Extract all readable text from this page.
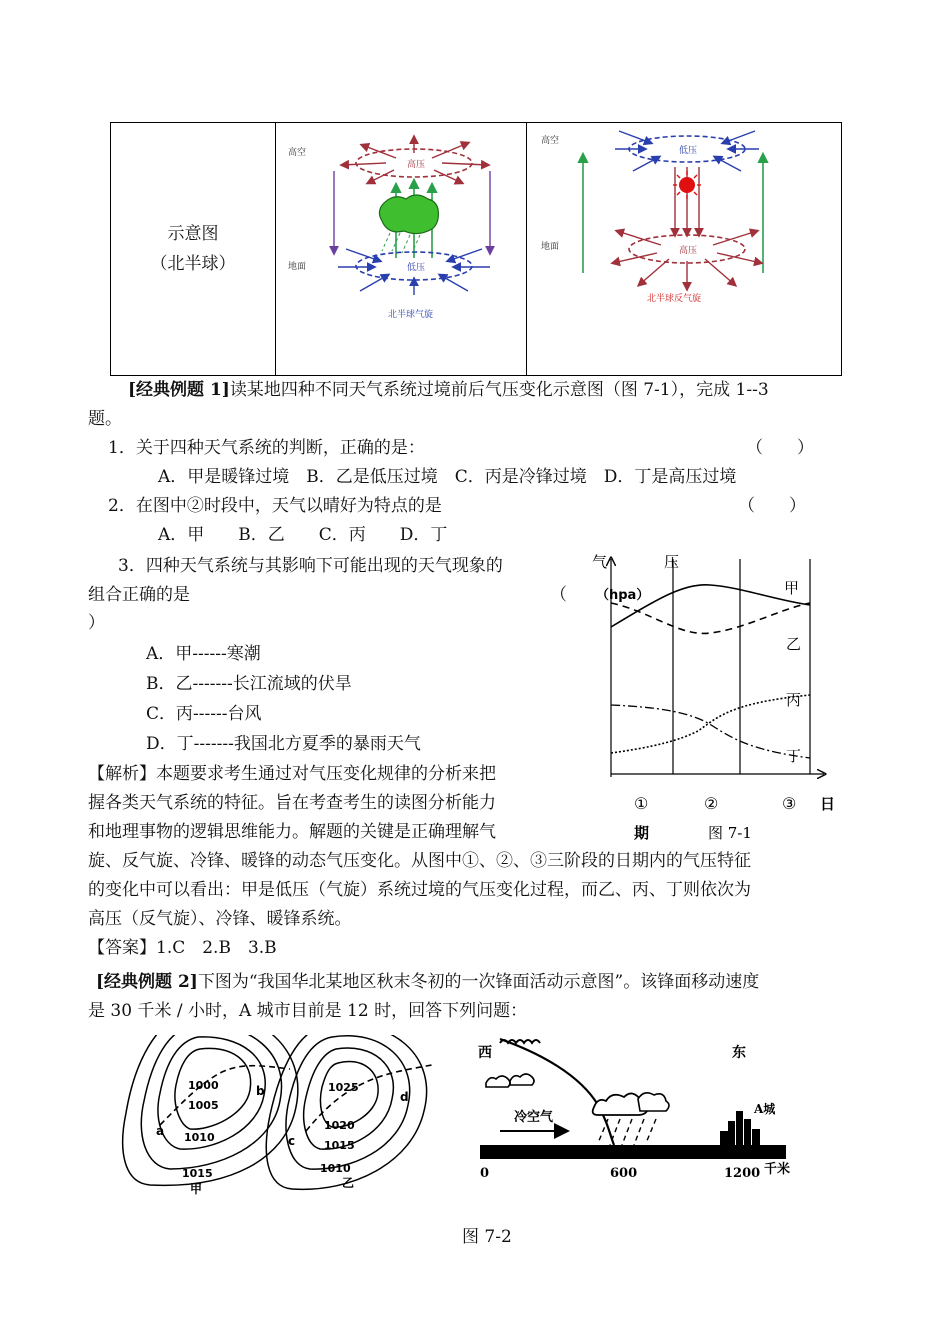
示意图
（北半球）

高空
高压
地面	低压
北半球气旋

高空
低压
地面	高压
北半球反气旋
[经典例题 1]读某地四种不同天气系统过境前后气压变化示意图（图 7-1），完成 1--3
题。
1．关于四种天气系统的判断，正确的是：	（　　）
A．甲是暖锋过境　B．乙是低压过境　C．丙是冷锋过境　D．丁是高压过境
2．在图中②时段中，天气以晴好为特点的是	（　　）
A．甲　　B．乙　　C．丙　　D．丁
3．四种天气系统与其影响下可能出现的天气现象的
组合正确的是	（
）
A．甲------寒潮
B．乙-------长江流域的伏旱
C．丙------台风
D．丁-------我国北方夏季的暴雨天气
【解析】本题要求考生通过对气压变化规律的分析来把
握各类天气系统的特征。旨在考查考生的读图分析能力
和地理事物的逻辑思维能力。解题的关键是正确理解气
旋、反气旋、冷锋、暖锋的动态气压变化。从图中①、②、③三阶段的日期内的气压特征
的变化中可以看出：甲是低压（气旋）系统过境的气压变化过程，而乙、丙、丁则依次为
高压（反气旋）、冷锋、暖锋系统。
【答案】1.C　2.B　3.B
气	压
（hpa）	甲
乙
丙
丁
①	②	③ 日
期	图 7-1
[经典例题 2]下图为“我国华北某地区秋末冬初的一次锋面活动示意图”。该锋面移动速度
是 30 千米 / 小时，A 城市目前是 12 时，回答下列问题：
1000
1005
1010
1015
a
b
甲
1025
1020
1015
1010
c
d
乙
西	东
冷空气
A城
0	600	1200 千米
图 7-2
